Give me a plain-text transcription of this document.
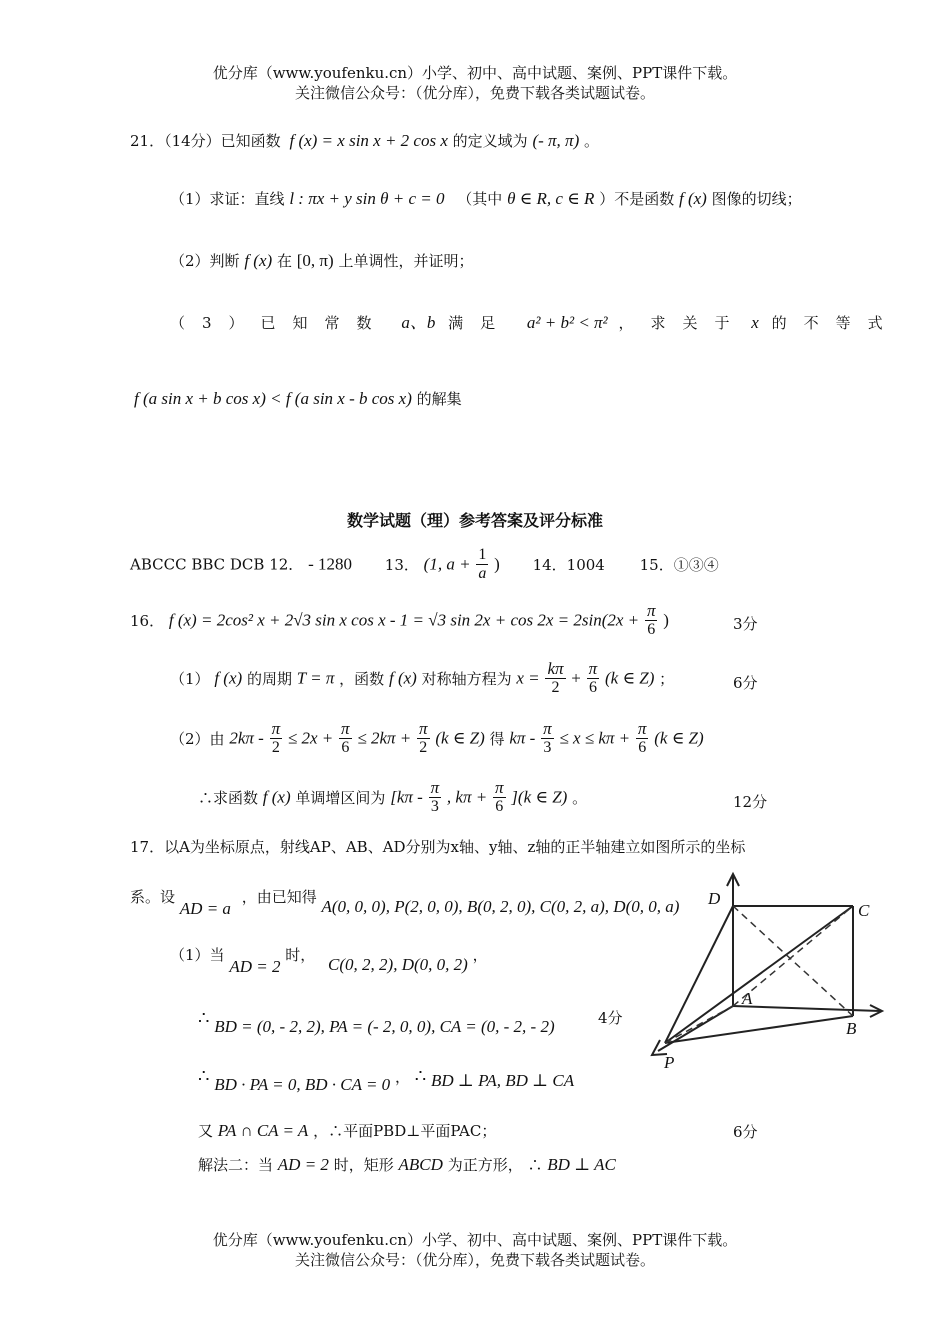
优分库（www.youfenku.cn）小学、初中、高中试题、案例、PPT课件下载。
关注微信公众号：（优分库），免费下载各类试题试卷。
21．（14分）已知函数 f (x) = x sin x + 2 cos x 的定义域为 (- π, π) 。
（1）求证：直线 l : πx + y sin θ + c = 0 （其中 θ ∈ R, c ∈ R ）不是函数 f (x) 图像的切线；
（2）判断 f (x) 在 [0, π) 上单调性，并证明；
（3）已知常数 a、b 满足 a² + b² < π² ，求关于 x 的不等式
f (a sin x + b cos x) < f (a sin x - b cos x) 的解集
数学试题（理）参考答案及评分标准
ABCCC BBC DCB 12． - 1280 13． (1, $a + \frac{1}{a}$ ) 14．1004 15．①③④
16． f (x) = 2cos² x + 2√3 sin x cos x - 1 = √3 $\sin 2x + \cos 2x = 2\sin(2x + \frac{\pi}{6}$ )	3分
（1） f (x) 的周期 T = π ，函数 f (x) 对称轴方程为 $x = \frac{k\pi}{2} + \frac{\pi}{6} (k$ ∈ Z) ；	6分
（2）由 $2k\pi - \frac{\pi}{2} \le 2x + \frac{\pi}{6} \le 2k\pi + \frac{\pi}{2} (k$ ∈ Z) 得 $k\pi - \frac{\pi}{3} \le x \le k\pi + \frac{\pi}{6} (k$ ∈ Z)
∴求函数 f (x) 单调增区间为 [$k\pi - \frac{\pi}{3}$ , $k\pi + \frac{\pi}{6} ](k$ ∈ Z) 。	12分
17．以A为坐标原点，射线AP、AB、AD分别为x轴、y轴、z轴的正半轴建立如图所示的坐标
系。设 AD = a ，由已知得 A(0, 0, 0), P(2, 0, 0), B(0, 2, 0), C(0, 2, a), D(0, 0, a)
（1）当 AD = 2 时， C(0, 2, 2), D(0, 0, 2) ，
∴ BD = (0, - 2, 2), PA = (- 2, 0, 0), CA = (0, - 2, - 2)	4分
∴ BD · PA = 0, BD · CA = 0 ， ∴ BD ⊥ PA, BD ⊥ CA
又 PA ∩ CA = A ，∴平面PBD⊥平面PAC；	6分
解法二：当 AD = 2 时，矩形 ABCD 为正方形， ∴ BD ⊥ AC
D
C
A
B
P
优分库（www.youfenku.cn）小学、初中、高中试题、案例、PPT课件下载。
关注微信公众号：（优分库），免费下载各类试题试卷。
